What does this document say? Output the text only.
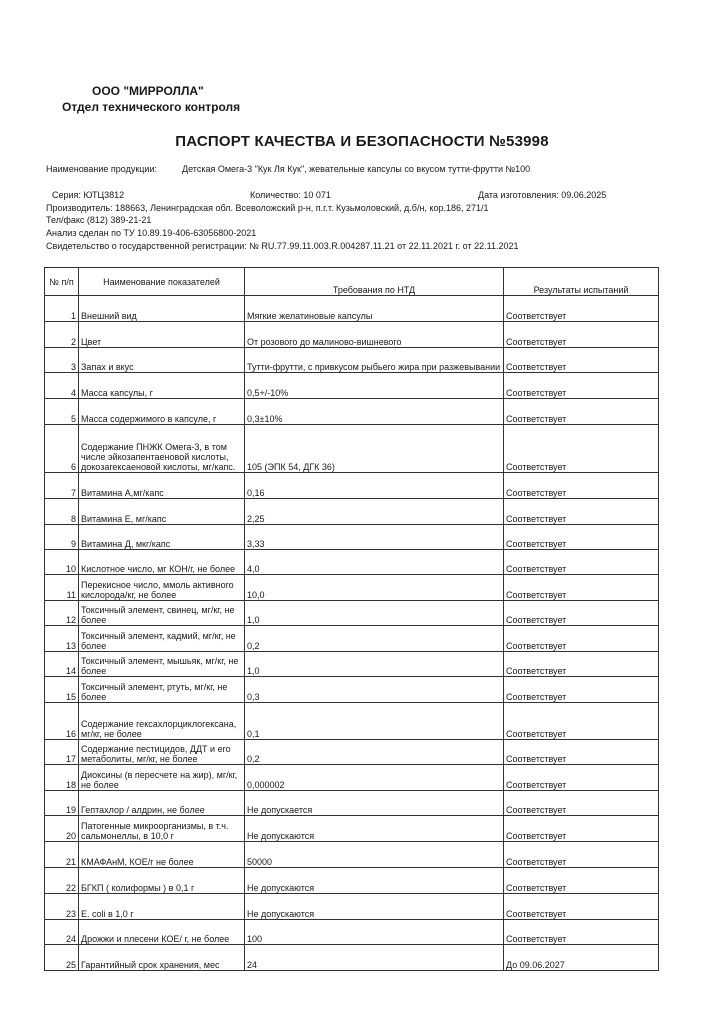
ООО "МИРРОЛЛА"
Отдел технического контроля
ПАСПОРТ КАЧЕСТВА И БЕЗОПАСНОСТИ №53998
Наименование продукции:	Детская Омега-3 "Кук Ля Кук", жевательные капсулы со вкусом тутти-фрутти №100
Серия: ЮТЦ3812	Количество: 10 071	Дата изготовления: 09.06.2025
Производитель: 188663, Ленинградская обл. Всеволожский р-н, п.г.т. Кузьмоловский, д.б/н, кор.186, 271/1
Тел/факс (812) 389-21-21
Анализ сделан по ТУ 10.89.19-406-63056800-2021
Свидетельство о государственной регистрации: № RU.77.99.11.003.R.004287.11.21 от 22.11.2021 г. от 22.11.2021
№ п/п	Наименование показателей	Требования по НТД	Результаты испытаний
1	Внешний вид	Мягкие желатиновые капсулы	Соответствует
2	Цвет	От розового до малиново-вишневого	Соответствует
3	Запах и вкус	Тутти-фрутти, с привкусом рыбьего жира при разжевывании	Соответствует
4	Масса капсулы, г	0,5+/-10%	Соответствует
5	Масса содержимого в капсуле, г	0,3±10%	Соответствует
6	Содержание ПНЖК Омега-3, в том числе эйкозапентаеновой кислоты, докозагексаеновой кислоты, мг/капс.	105 (ЭПК 54, ДГК 36)	Соответствует
7	Витамина А,мг/капс	0,16	Соответствует
8	Витамина Е, мг/капс	2,25	Соответствует
9	Витамина Д, мкг/капс	3,33	Соответствует
10	Кислотное число, мг КОН/г, не более	4,0	Соответствует
11	Перекисное число, ммоль активного кислорода/кг, не более	10,0	Соответствует
12	Токсичный элемент, свинец, мг/кг, не более	1,0	Соответствует
13	Токсичный элемент, кадмий, мг/кг, не более	0,2	Соответствует
14	Токсичный элемент, мышьяк, мг/кг, не более	1,0	Соответствует
15	Токсичный элемент, ртуть, мг/кг, не более	0,3	Соответствует
16	Содержание гексахлорциклогексана, мг/кг, не более	0,1	Соответствует
17	Содержание пестицидов, ДДТ и его метаболиты, мг/кг, не более	0,2	Соответствует
18	Диоксины (в пересчете на жир), мг/кг, не более	0,000002	Соответствует
19	Гептахлор / алдрин, не более	Не допускается	Соответствует
20	Патогенные микроорганизмы, в т.ч. сальмонеллы, в 10,0 г	Не допускаются	Соответствует
21	КМАФАнМ, КОЕ/г не более	50000	Соответствует
22	БГКП ( колиформы ) в 0,1 г	Не допускаются	Соответствует
23	E. coli в 1,0 г	Не допускаются	Соответствует
24	Дрожжи и плесени КОЕ/ г, не более	100	Соответствует
25	Гарантийный срок хранения, мес	24	До 09.06.2027
